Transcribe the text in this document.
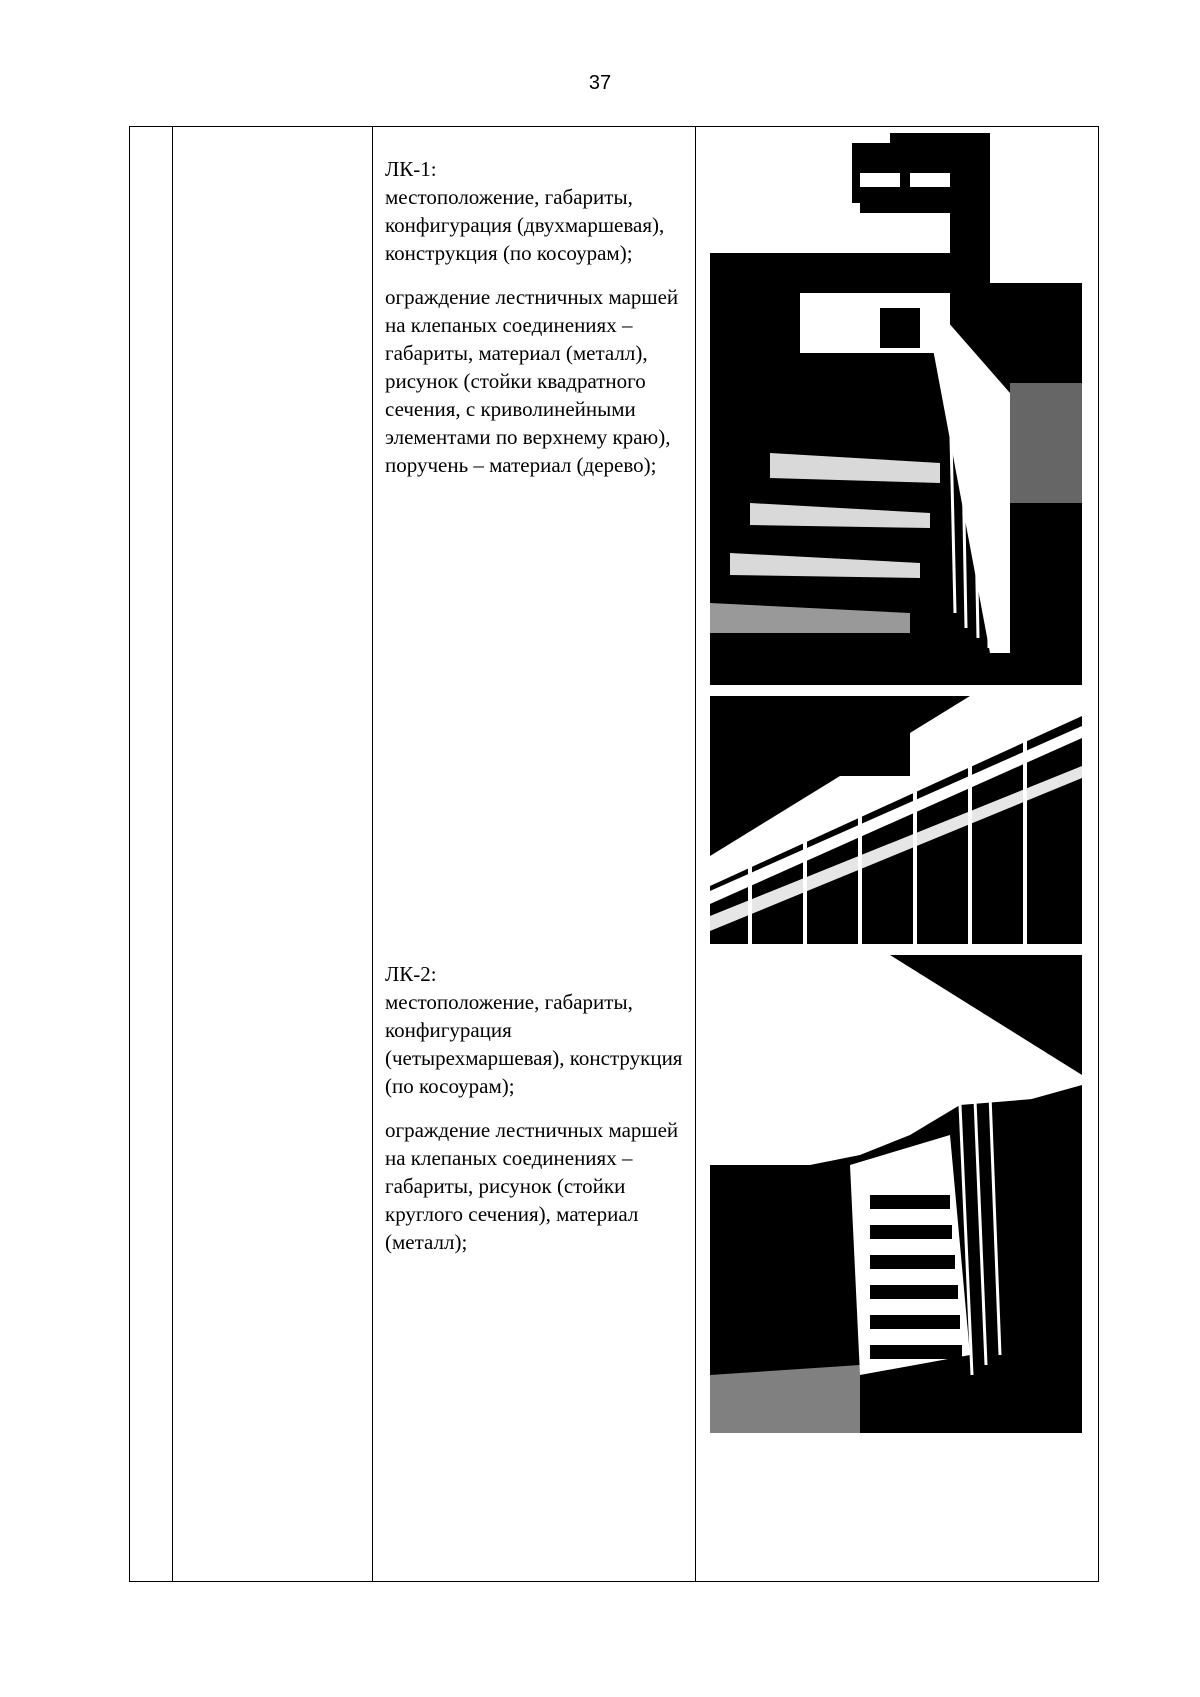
37
ЛК-1:

местоположение, габариты, конфигурация (двухмаршевая), конструкция (по косоурам);

ограждение лестничных маршей на клепаных соединениях – габариты, материал (металл), рисунок (стойки квадратного сечения, с криволинейными элементами по верхнему краю), поручень – материал (дерево);

ЛК-2:

местоположение, габариты, конфигурация (четырехмаршевая), конструкция (по косоурам);

ограждение лестничных маршей на клепаных соединениях – габариты, рисунок (стойки круглого сечения), материал (металл);
